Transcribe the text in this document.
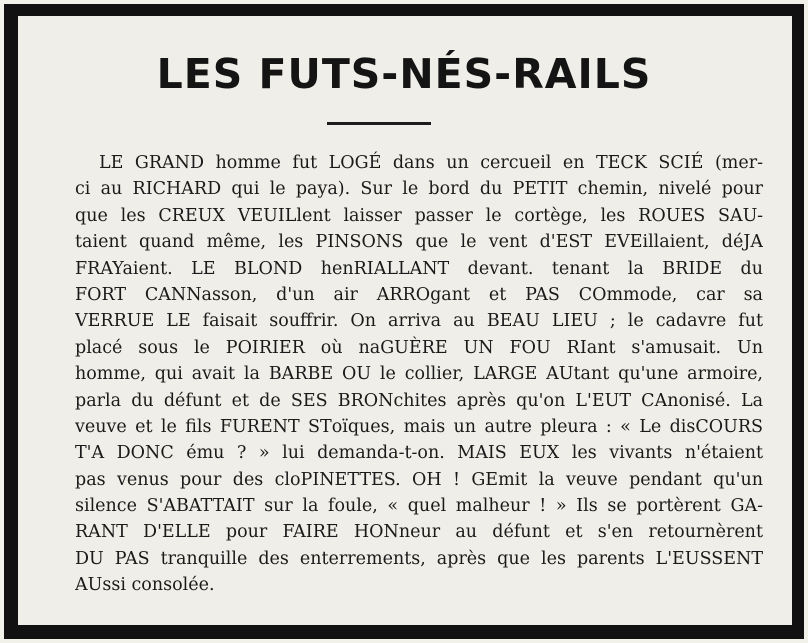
LES FUTS-NÉS-RAILS
LE GRAND homme fut LOGÉ dans un cercueil en TECK SCIÉ (mer-
ci au RICHARD qui le paya). Sur le bord du PETIT chemin, nivelé pour
que les CREUX VEUILlent laisser passer le cortège, les ROUES SAU-
taient quand même, les PINSONS que le vent d'EST EVEillaient, déJA
FRAYaient. LE BLOND henRIALLANT devant. tenant la BRIDE du
FORT CANNasson, d'un air ARROgant et PAS COmmode, car sa
VERRUE LE faisait souffrir. On arriva au BEAU LIEU ; le cadavre fut
placé sous le POIRIER où naGUÈRE UN FOU RIant s'amusait. Un
homme, qui avait la BARBE OU le collier, LARGE AUtant qu'une armoire,
parla du défunt et de SES BRONchites après qu'on L'EUT CAnonisé. La
veuve et le fils FURENT STоïques, mais un autre pleura : « Le disCOURS
T'A DONC ému ? » lui demanda-t-on. MAIS EUX les vivants n'étaient
pas venus pour des cloPINETTES. OH ! GEmit la veuve pendant qu'un
silence S'ABATTAIT sur la foule, « quel malheur ! » Ils se portèrent GA-
RANT D'ELLE pour FAIRE HONneur au défunt et s'en retournèrent
DU PAS tranquille des enterrements, après que les parents L'EUSSENT
AUssi consolée.
